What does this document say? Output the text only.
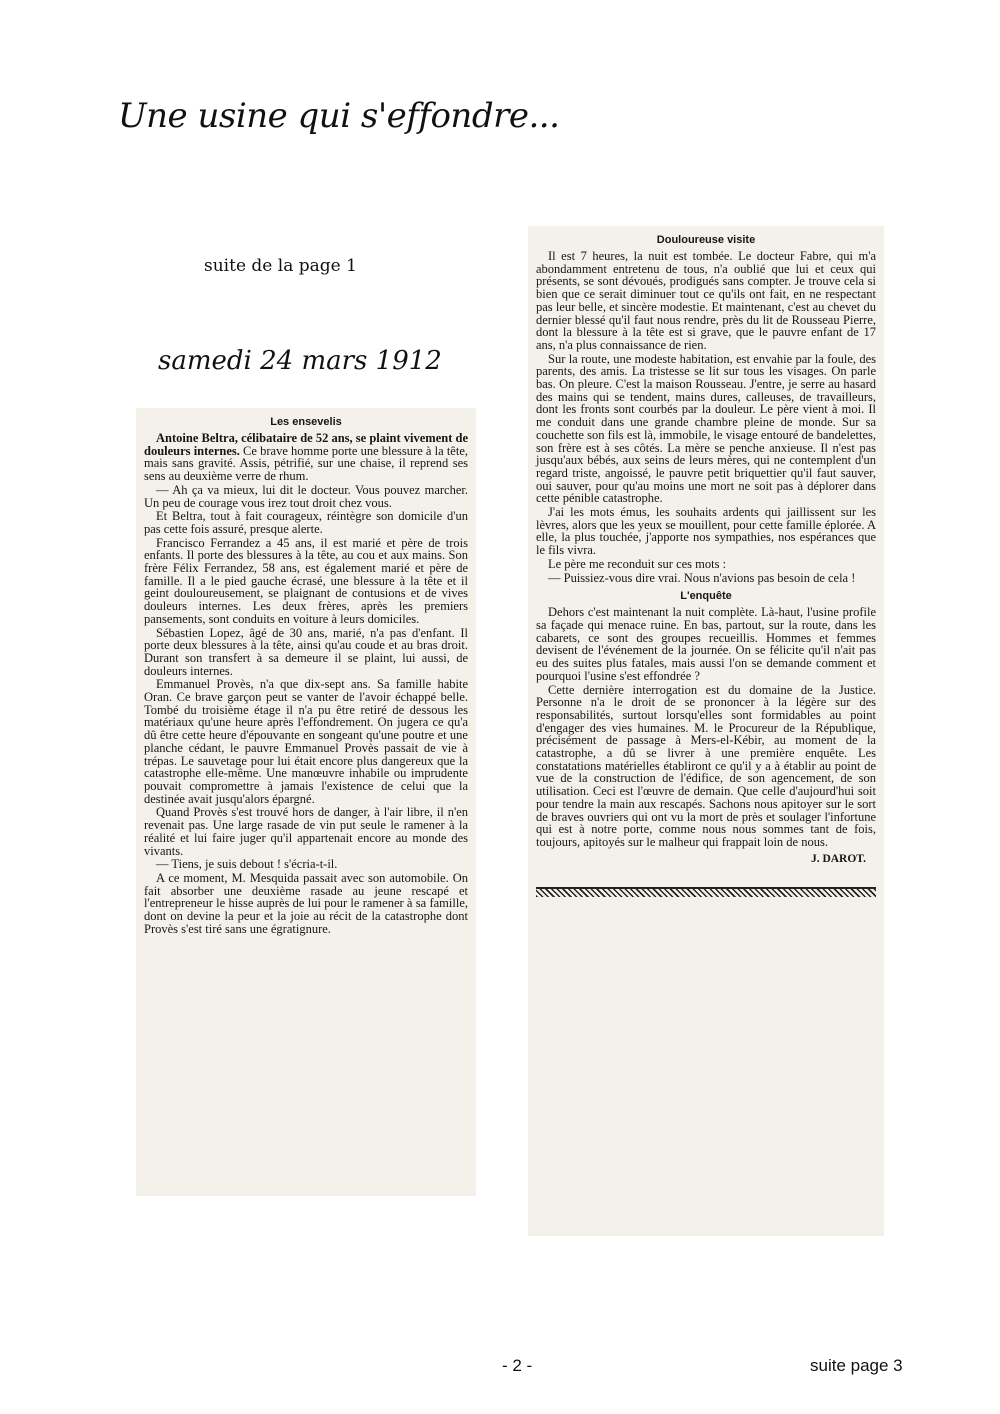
Une usine qui s'effondre...
suite de la page 1
samedi 24 mars 1912
Les ensevelis

Antoine Beltra, célibataire de 52 ans, se plaint vivement de douleurs internes. Ce brave homme porte une blessure à la tête, mais sans gravité. Assis, pétrifié, sur une chaise, il reprend ses sens au deuxième verre de rhum.

— Ah ça va mieux, lui dit le docteur. Vous pouvez marcher. Un peu de courage vous irez tout droit chez vous.

Et Beltra, tout à fait courageux, réintègre son domicile d'un pas cette fois assuré, presque alerte.

Francisco Ferrandez a 45 ans, il est marié et père de trois enfants. Il porte des blessures à la tête, au cou et aux mains. Son frère Félix Ferrandez, 58 ans, est également marié et père de famille. Il a le pied gauche écrasé, une blessure à la tête et il geint douloureusement, se plaignant de contusions et de vives douleurs internes. Les deux frères, après les premiers pansements, sont conduits en voiture à leurs domiciles.

Sébastien Lopez, âgé de 30 ans, marié, n'a pas d'enfant. Il porte deux blessures à la tête, ainsi qu'au coude et au bras droit. Durant son transfert à sa demeure il se plaint, lui aussi, de douleurs internes.

Emmanuel Provès, n'a que dix-sept ans. Sa famille habite Oran. Ce brave garçon peut se vanter de l'avoir échappé belle. Tombé du troisième étage il n'a pu être retiré de dessous les matériaux qu'une heure après l'effondrement. On jugera ce qu'a dû être cette heure d'épouvante en songeant qu'une poutre et une planche cédant, le pauvre Emmanuel Provès passait de vie à trépas. Le sauvetage pour lui était encore plus dangereux que la catastrophe elle-même. Une manœuvre inhabile ou imprudente pouvait compromettre à jamais l'existence de celui que la destinée avait jusqu'alors épargné.

Quand Provès s'est trouvé hors de danger, à l'air libre, il n'en revenait pas. Une large rasade de vin put seule le ramener à la réalité et lui faire juger qu'il appartenait encore au monde des vivants.

— Tiens, je suis debout ! s'écria-t-il.

A ce moment, M. Mesquida passait avec son automobile. On fait absorber une deuxième rasade au jeune rescapé et l'entrepreneur le hisse auprès de lui pour le ramener à sa famille, dont on devine la peur et la joie au récit de la catastrophe dont Provès s'est tiré sans une égratignure.

Douloureuse visite

Il est 7 heures, la nuit est tombée. Le docteur Fabre, qui m'a abondamment entretenu de tous, n'a oublié que lui et ceux qui présents, se sont dévoués, prodigués sans compter. Je trouve cela si bien que ce serait diminuer tout ce qu'ils ont fait, en ne respectant pas leur belle, et sincère modestie. Et maintenant, c'est au chevet du dernier blessé qu'il faut nous rendre, près du lit de Rousseau Pierre, dont la blessure à la tête est si grave, que le pauvre enfant de 17 ans, n'a plus connaissance de rien.

Sur la route, une modeste habitation, est envahie par la foule, des parents, des amis. La tristesse se lit sur tous les visages. On parle bas. On pleure. C'est la maison Rousseau. J'entre, je serre au hasard des mains qui se tendent, mains dures, calleuses, de travailleurs, dont les fronts sont courbés par la douleur. Le père vient à moi. Il me conduit dans une grande chambre pleine de monde. Sur sa couchette son fils est là, immobile, le visage entouré de bandelettes, son frère est à ses côtés. La mère se penche anxieuse. Il n'est pas jusqu'aux bébés, aux seins de leurs mères, qui ne contemplent d'un regard triste, angoissé, le pauvre petit briquettier qu'il faut sauver, oui sauver, pour qu'au moins une mort ne soit pas à déplorer dans cette pénible catastrophe.

J'ai les mots émus, les souhaits ardents qui jaillissent sur les lèvres, alors que les yeux se mouillent, pour cette famille éplorée. A elle, la plus touchée, j'apporte nos sympathies, nos espérances que le fils vivra.

Le père me reconduit sur ces mots :

— Puissiez-vous dire vrai. Nous n'avions pas besoin de cela !

L'enquête

Dehors c'est maintenant la nuit complète. Là-haut, l'usine profile sa façade qui menace ruine. En bas, partout, sur la route, dans les cabarets, ce sont des groupes recueillis. Hommes et femmes devisent de l'événement de la journée. On se félicite qu'il n'ait pas eu des suites plus fatales, mais aussi l'on se demande comment et pourquoi l'usine s'est effondrée ?

Cette dernière interrogation est du domaine de la Justice. Personne n'a le droit de se prononcer à la légère sur des responsabilités, surtout lorsqu'elles sont formidables au point d'engager des vies humaines. M. le Procureur de la République, précisément de passage à Mers-el-Kébir, au moment de la catastrophe, a dû se livrer à une première enquête. Les constatations matérielles établiront ce qu'il y a à établir au point de vue de la construction de l'édifice, de son agencement, de son utilisation. Ceci est l'œuvre de demain. Que celle d'aujourd'hui soit pour tendre la main aux rescapés. Sachons nous apitoyer sur le sort de braves ouvriers qui ont vu la mort de près et soulager l'infortune qui est à notre porte, comme nous nous sommes tant de fois, toujours, apitoyés sur le malheur qui frappait loin de nous.

J. DAROT.
- 2 -	suite page 3
